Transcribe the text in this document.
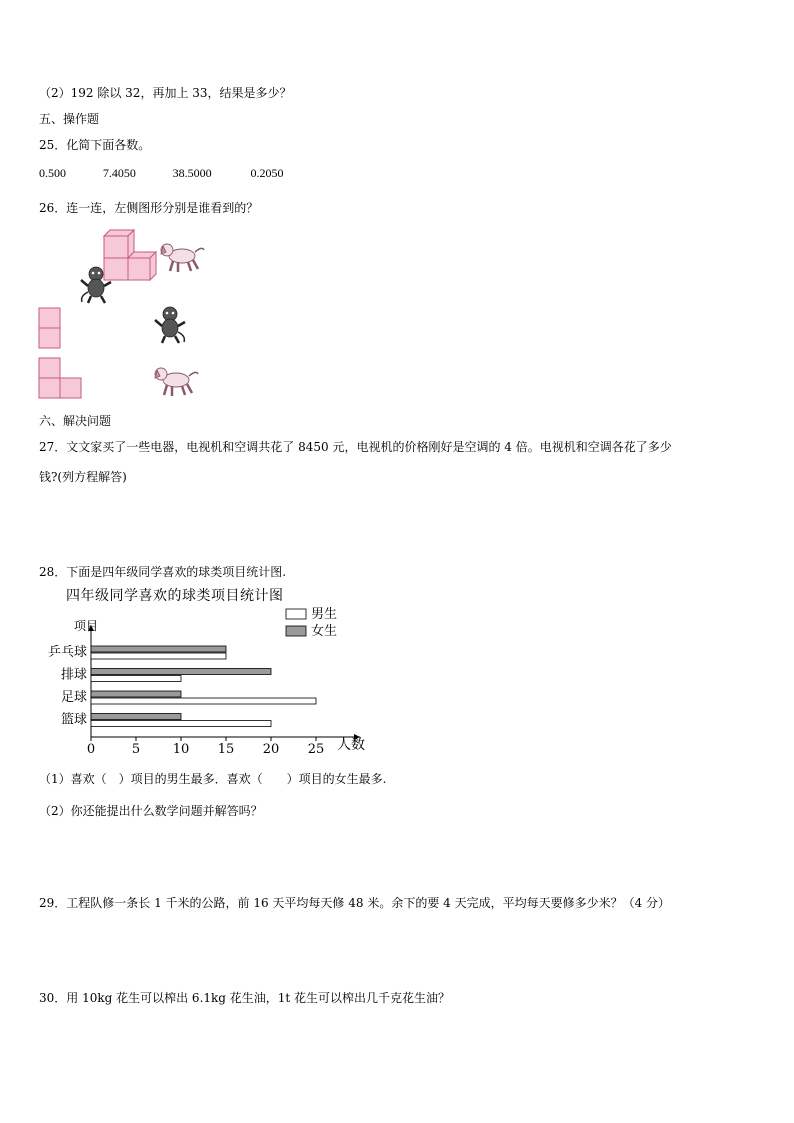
（2）192 除以 32，再加上 33，结果是多少？
五、操作题
25．化简下面各数。
0.500	7.4050	38.5000	0.2050
26．连一连，左侧图形分别是谁看到的？
六、解决问题
27．文文家买了一些电器，电视机和空调共花了 8450 元，电视机的价格刚好是空调的 4 倍。电视机和空调各花了多少
钱?(列方程解答)
28．下面是四年级同学喜欢的球类项目统计图.
四年级同学喜欢的球类项目统计图
项目
人数
0	5	10 15 20 25
乒乓球
排球
足球
篮球
男生
女生
（1）喜欢（　）项目的男生最多．喜欢（　　）项目的女生最多.
（2）你还能提出什么数学问题并解答吗？
29．工程队修一条长 1 千米的公路，前 16 天平均每天修 48 米。余下的要 4 天完成，平均每天要修多少米？（4 分）
30．用 10kg 花生可以榨出 6.1kg 花生油，1t 花生可以榨出几千克花生油？
